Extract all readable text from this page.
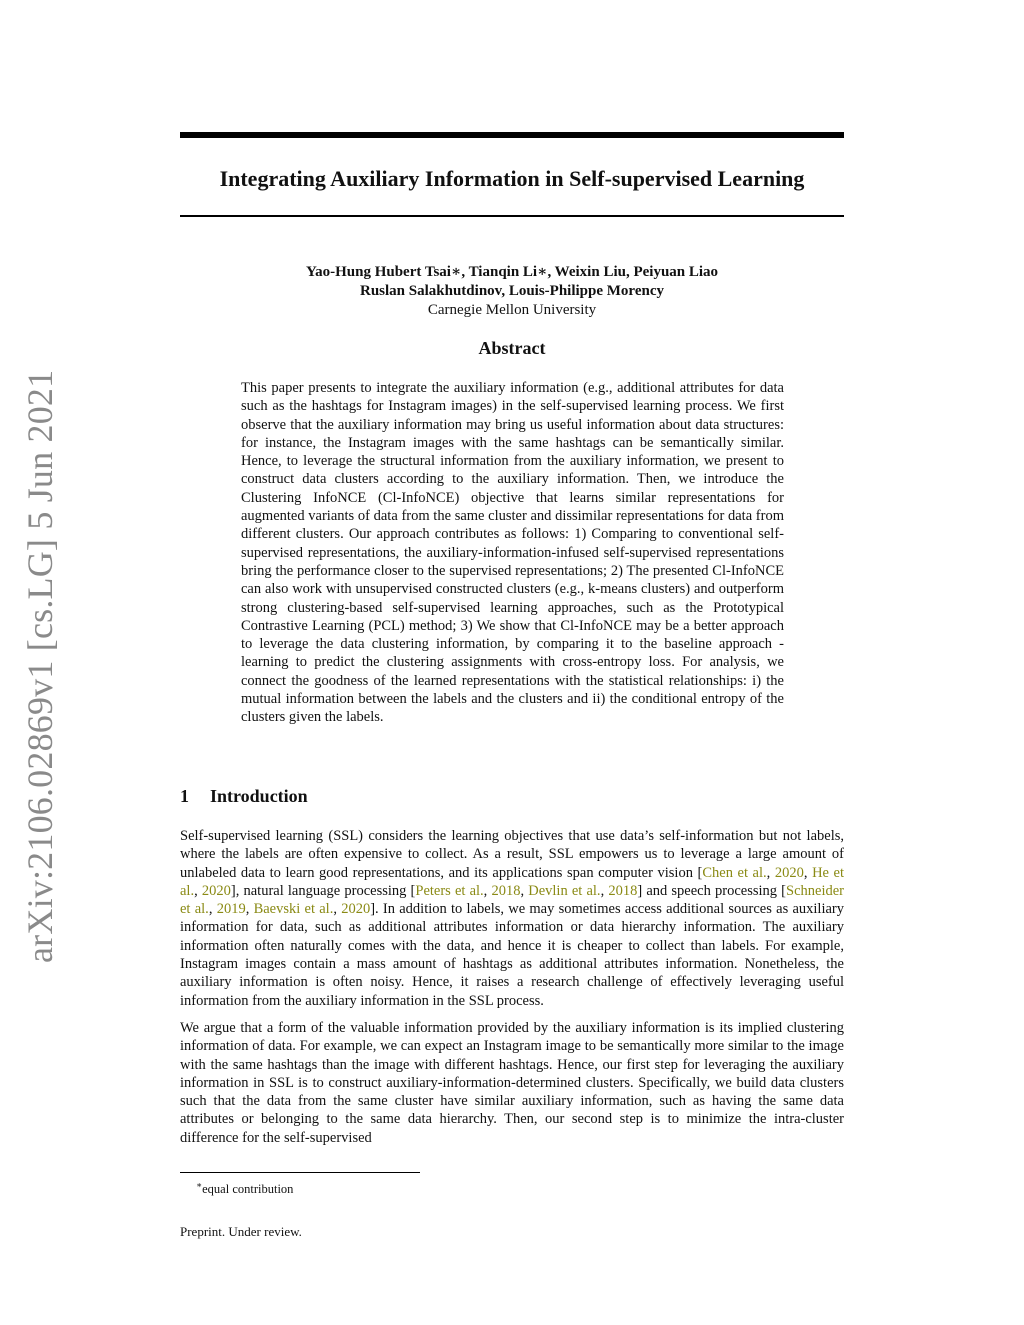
arXiv:2106.02869v1 [cs.LG] 5 Jun 2021
Integrating Auxiliary Information in Self-supervised Learning
Yao-Hung Hubert Tsai∗, Tianqin Li∗, Weixin Liu, Peiyuan Liao
Ruslan Salakhutdinov, Louis-Philippe Morency
Carnegie Mellon University
Abstract
This paper presents to integrate the auxiliary information (e.g., additional attributes for data such as the hashtags for Instagram images) in the self-supervised learning process. We first observe that the auxiliary information may bring us useful information about data structures: for instance, the Instagram images with the same hashtags can be semantically similar. Hence, to leverage the structural information from the auxiliary information, we present to construct data clusters according to the auxiliary information. Then, we introduce the Clustering InfoNCE (Cl-InfoNCE) objective that learns similar representations for augmented variants of data from the same cluster and dissimilar representations for data from different clusters. Our approach contributes as follows: 1) Comparing to conventional self-supervised representations, the auxiliary-information-infused self-supervised representations bring the performance closer to the supervised representations; 2) The presented Cl-InfoNCE can also work with unsupervised constructed clusters (e.g., k-means clusters) and outperform strong clustering-based self-supervised learning approaches, such as the Prototypical Contrastive Learning (PCL) method; 3) We show that Cl-InfoNCE may be a better approach to leverage the data clustering information, by comparing it to the baseline approach - learning to predict the clustering assignments with cross-entropy loss. For analysis, we connect the goodness of the learned representations with the statistical relationships: i) the mutual information between the labels and the clusters and ii) the conditional entropy of the clusters given the labels.
1 Introduction

Self-supervised learning (SSL) considers the learning objectives that use data’s self-information but not labels, where the labels are often expensive to collect. As a result, SSL empowers us to leverage a large amount of unlabeled data to learn good representations, and its applications span computer vision [Chen et al., 2020, He et al., 2020], natural language processing [Peters et al., 2018, Devlin et al., 2018] and speech processing [Schneider et al., 2019, Baevski et al., 2020]. In addition to labels, we may sometimes access additional sources as auxiliary information for data, such as additional attributes information or data hierarchy information. The auxiliary information often naturally comes with the data, and hence it is cheaper to collect than labels. For example, Instagram images contain a mass amount of hashtags as additional attributes information. Nonetheless, the auxiliary information is often noisy. Hence, it raises a research challenge of effectively leveraging useful information from the auxiliary information in the SSL process.

We argue that a form of the valuable information provided by the auxiliary information is its implied clustering information of data. For example, we can expect an Instagram image to be semantically more similar to the image with the same hashtags than the image with different hashtags. Hence, our first step for leveraging the auxiliary information in SSL is to construct auxiliary-information-determined clusters. Specifically, we build data clusters such that the data from the same cluster have similar auxiliary information, such as having the same data attributes or belonging to the same data hierarchy. Then, our second step is to minimize the intra-cluster difference for the self-supervised

∗equal contribution
Preprint. Under review.
